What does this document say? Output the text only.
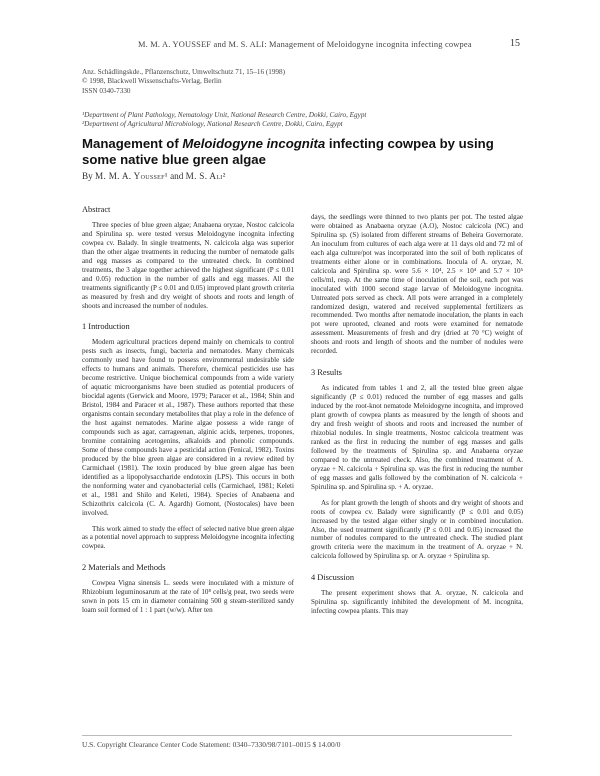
M. M. A. YOUSSEF and M. S. ALI: Management of Meloidogyne incognita infecting cowpea	15
Anz. Schädlingskde., Pflanzenschutz, Umweltschutz 71, 15–16 (1998)
© 1998, Blackwell Wissenschafts-Verlag, Berlin
ISSN 0340-7330
¹Department of Plant Pathology, Nematology Unit, National Research Centre, Dokki, Cairo, Egypt
²Department of Agricultural Microbiology, National Research Centre, Dokki, Cairo, Egypt
Management of Meloidogyne incognita infecting cowpea by using some native blue green algae
By M. M. A. Youssef¹ and M. S. Ali²
Abstract

Three species of blue green algae; Anabaena oryzae, Nostoc calcicola and Spirulina sp. were tested versus Meloidogyne incognita infecting cowpea cv. Balady. In single treatments, N. calcicola alga was superior than the other algae treatments in reducing the number of nematode galls and egg masses as compared to the untreated check. In combined treatments, the 3 algae together achieved the highest significant (P ≤ 0.01 and 0.05) reduction in the number of galls and egg masses. All the treatments significantly (P ≤ 0.01 and 0.05) improved plant growth criteria as measured by fresh and dry weight of shoots and roots and length of shoots and increased the number of nodules.

1 Introduction

Modern agricultural practices depend mainly on chemicals to control pests such as insects, fungi, bacteria and nematodes. Many chemicals commonly used have found to possess environmental undesirable side effects to humans and animals. Therefore, chemical pesticides use has become restrictive. Unique biochemical compounds from a wide variety of aquatic microorganisms have been studied as potential producers of biocidal agents (Gerwick and Moore, 1979; Paracer et al., 1984; Shin and Bristol, 1984 and Paracer et al., 1987). These authors reported that these organisms contain secondary metabolites that play a role in the defence of the host against nematodes. Marine algae possess a wide range of compounds such as agar, carrageenan, alginic acids, terpenes, tropones, bromine containing acetogenins, alkaloids and phenolic compounds. Some of these compounds have a pesticidal action (Fenical, 1982). Toxins produced by the blue green algae are considered in a review edited by Carmichael (1981). The toxin produced by blue green algae has been identified as a lipopolysaccharide endotoxin (LPS). This occurs in both the nonforming water and cyanobacterial cells (Carmichael, 1981; Keleti et al., 1981 and Shilo and Keleti, 1984). Species of Anabaena and Schizothrix calcicola (C. A. Agardh) Gomont, (Nostocales) have been involved.

This work aimed to study the effect of selected native blue green algae as a potential novel approach to suppress Meloidogyne incognita infecting cowpea.

2 Materials and Methods

Cowpea Vigna sinensis L. seeds were inoculated with a mixture of Rhizobium leguminosarum at the rate of 10⁸ cells/g peat, two seeds were sown in pots 15 cm in diameter containing 500 g steam-sterilized sandy loam soil formed of 1 : 1 part (w/w). After ten

days, the seedlings were thinned to two plants per pot. The tested algae were obtained as Anabaena oryzae (A.O), Nostoc calcicola (NC) and Spirulina sp. (S) isolated from different streams of Beheira Governorate. An inoculum from cultures of each alga were at 11 days old and 72 ml of each alga culture/pot was incorporated into the soil of both replicates of treatments either alone or in combinations. Inocula of A. oryzae, N. calcicola and Spirulina sp. were 5.6 × 10⁴, 2.5 × 10⁴ and 5.7 × 10⁵ cells/ml, resp. At the same time of inoculation of the soil, each pot was inoculated with 1000 second stage larvae of Meloidogyne incognita. Untreated pots served as check. All pots were arranged in a completely randomized design, watered and received supplemental fertilizers as recommended. Two months after nematode inoculation, the plants in each pot were uprooted, cleaned and roots were examined for nematode assessment. Measurements of fresh and dry (dried at 70 °C) weight of shoots and roots and length of shoots and the number of nodules were recorded.

3 Results

As indicated from tables 1 and 2, all the tested blue green algae significantly (P ≤ 0.01) reduced the number of egg masses and galls induced by the root-knot nematode Meloidogyne incognita, and improved plant growth of cowpea plants as measured by the length of shoots and dry and fresh weight of shoots and roots and increased the number of rhizobial nodules. In single treatments, Nostoc calcicola treatment was ranked as the first in reducing the number of egg masses and galls followed by the treatments of Spirulina sp. and Anabaena oryzae compared to the untreated check. Also, the combined treatment of A. oryzae + N. calcicola + Spirulina sp. was the first in reducing the number of egg masses and galls followed by the combination of N. calcicola + Spirulina sp. and Spirulina sp. + A. oryzae.

As for plant growth the length of shoots and dry weight of shoots and roots of cowpea cv. Balady were significantly (P ≤ 0.01 and 0.05) increased by the tested algae either singly or in combined inoculation. Also, the used treatment significantly (P ≤ 0.01 and 0.05) increased the number of nodules compared to the untreated check. The studied plant growth criteria were the maximum in the treatment of A. oryzae + N. calcicola followed by Spirulina sp. or A. oryzae + Spirulina sp.

4 Discussion

The present experiment shows that A. oryzae, N. calcicola and Spirulina sp. significantly inhibited the development of M. incognita, infecting cowpea plants. This may

U.S. Copyright Clearance Center Code Statement: 0340–7330/98/7101–0015 $ 14.00/0
